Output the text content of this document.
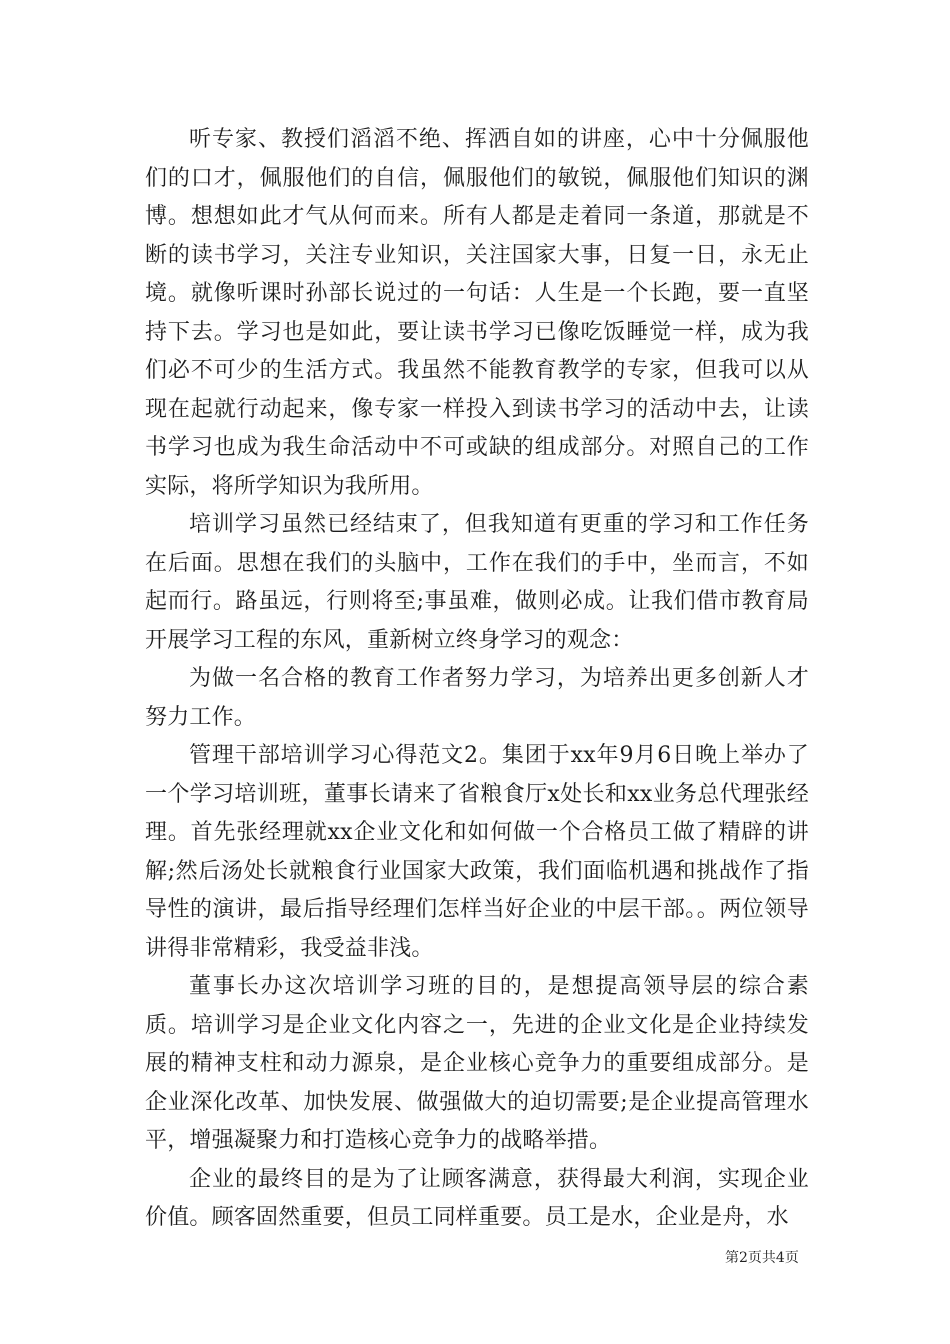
听专家、教授们滔滔不绝、挥洒自如的讲座，心中十分佩服他们的口才，佩服他们的自信，佩服他们的敏锐，佩服他们知识的渊博。想想如此才气从何而来。所有人都是走着同一条道，那就是不断的读书学习，关注专业知识，关注国家大事，日复一日，永无止境。就像听课时孙部长说过的一句话：人生是一个长跑，要一直坚持下去。学习也是如此，要让读书学习已像吃饭睡觉一样，成为我们必不可少的生活方式。我虽然不能教育教学的专家，但我可以从现在起就行动起来，像专家一样投入到读书学习的活动中去，让读书学习也成为我生命活动中不可或缺的组成部分。对照自己的工作实际，将所学知识为我所用。

培训学习虽然已经结束了，但我知道有更重的学习和工作任务在后面。思想在我们的头脑中，工作在我们的手中，坐而言，不如起而行。路虽远，行则将至;事虽难，做则必成。让我们借市教育局开展学习工程的东风，重新树立终身学习的观念：

为做一名合格的教育工作者努力学习，为培养出更多创新人才努力工作。

管理干部培训学习心得范文2。集团于xx年9月6日晚上举办了一个学习培训班，董事长请来了省粮食厅x处长和xx业务总代理张经理。首先张经理就xx企业文化和如何做一个合格员工做了精辟的讲解;然后汤处长就粮食行业国家大政策，我们面临机遇和挑战作了指导性的演讲，最后指导经理们怎样当好企业的中层干部。。两位领导讲得非常精彩，我受益非浅。

董事长办这次培训学习班的目的，是想提高领导层的综合素质。培训学习是企业文化内容之一，先进的企业文化是企业持续发展的精神支柱和动力源泉，是企业核心竞争力的重要组成部分。是企业深化改革、加快发展、做强做大的迫切需要;是企业提高管理水平，增强凝聚力和打造核心竞争力的战略举措。

企业的最终目的是为了让顾客满意，获得最大利润，实现企业价值。顾客固然重要，但员工同样重要。员工是水，企业是舟，水

第2页共4页
